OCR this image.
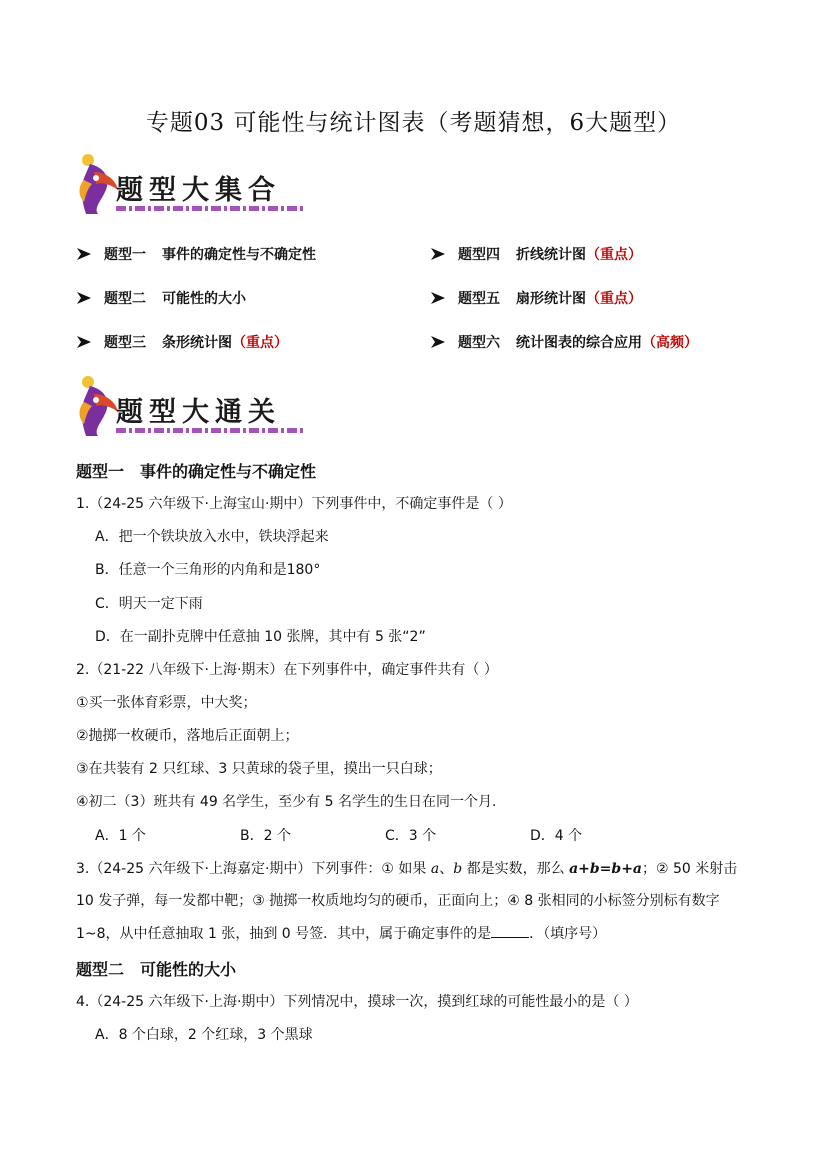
专题03 可能性与统计图表（考题猜想，6大题型）
题型大集合
题型一 事件的确定性与不确定性
题型二 可能性的大小
题型三 条形统计图 （重点）
题型四 折线统计图 （重点）
题型五 扇形统计图 （重点）
题型六 统计图表的综合应用 （高频）
题型大通关
题型一 事件的确定性与不确定性
1.（24-25 六年级下·上海宝山·期中）下列事件中，不确定事件是（ ）
A．把一个铁块放入水中，铁块浮起来
B．任意一个三角形的内角和是180°
C．明天一定下雨
D．在一副扑克牌中任意抽 10 张牌，其中有 5 张“2”
2.（21-22 八年级下·上海·期末）在下列事件中，确定事件共有（ ）
①买一张体育彩票，中大奖；
②抛掷一枚硬币，落地后正面朝上；
③在共装有 2 只红球、3 只黄球的袋子里，摸出一只白球；
④初二（3）班共有 49 名学生，至少有 5 名学生的生日在同一个月.
A．1 个	B．2 个	C．3 个	D．4 个
3.（24-25 六年级下·上海嘉定·期中）下列事件：① 如果 a、b 都是实数，那么 a+b=b+a；② 50 米射击
10 发子弹，每一发都中靶；③ 抛掷一枚质地均匀的硬币，正面向上；④ 8 张相同的小标签分别标有数字
1~8，从中任意抽取 1 张，抽到 0 号签．其中，属于确定事件的是	．（填序号）
题型二 可能性的大小
4.（24-25 六年级下·上海·期中）下列情况中，摸球一次，摸到红球的可能性最小的是（ ）
A．8 个白球，2 个红球，3 个黑球
